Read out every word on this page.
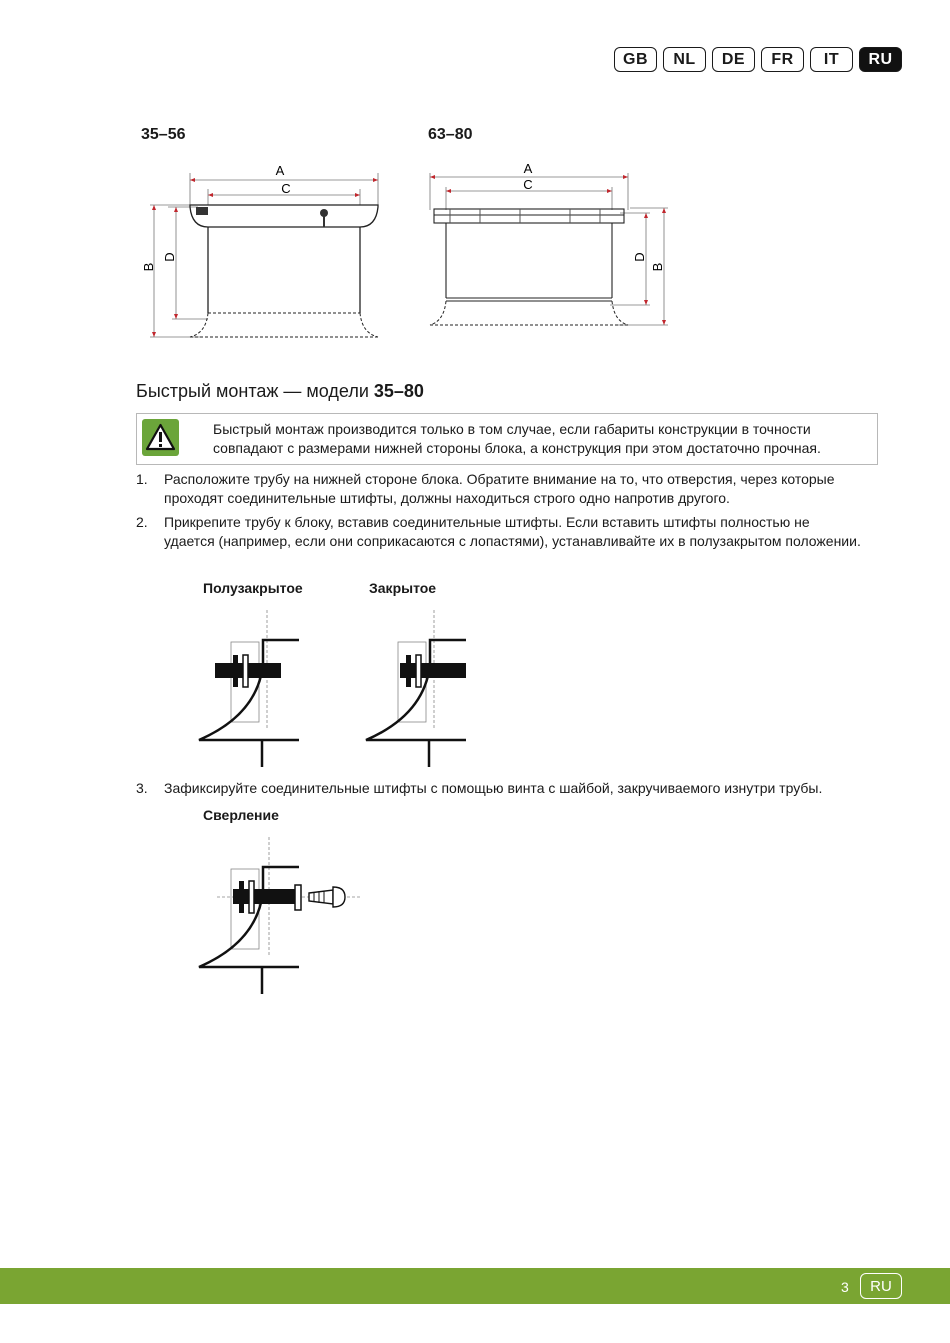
GB	NL	DE	FR	IT	RU
35–56	63–80
A
C
B
D
A
C
D
B
Быстрый монтаж — модели 35–80
Быстрый монтаж производится только в том случае, если габариты конструкции в точности совпадают с размерами нижней стороны блока, а конструкция при этом достаточно прочная.
1. Расположите трубу на нижней стороне блока. Обратите внимание на то, что отверстия, через которые проходят соединительные штифты, должны находиться строго одно напротив другого.
2. Прикрепите трубу к блоку, вставив соединительные штифты. Если вставить штифты полностью не удается (например, если они соприкасаются с лопастями), устанавливайте их в полузакрытом положении.
Полузакрытое	Закрытое
3. Зафиксируйте соединительные штифты с помощью винта с шайбой, закручиваемого изнутри трубы.
Сверление
3	RU
